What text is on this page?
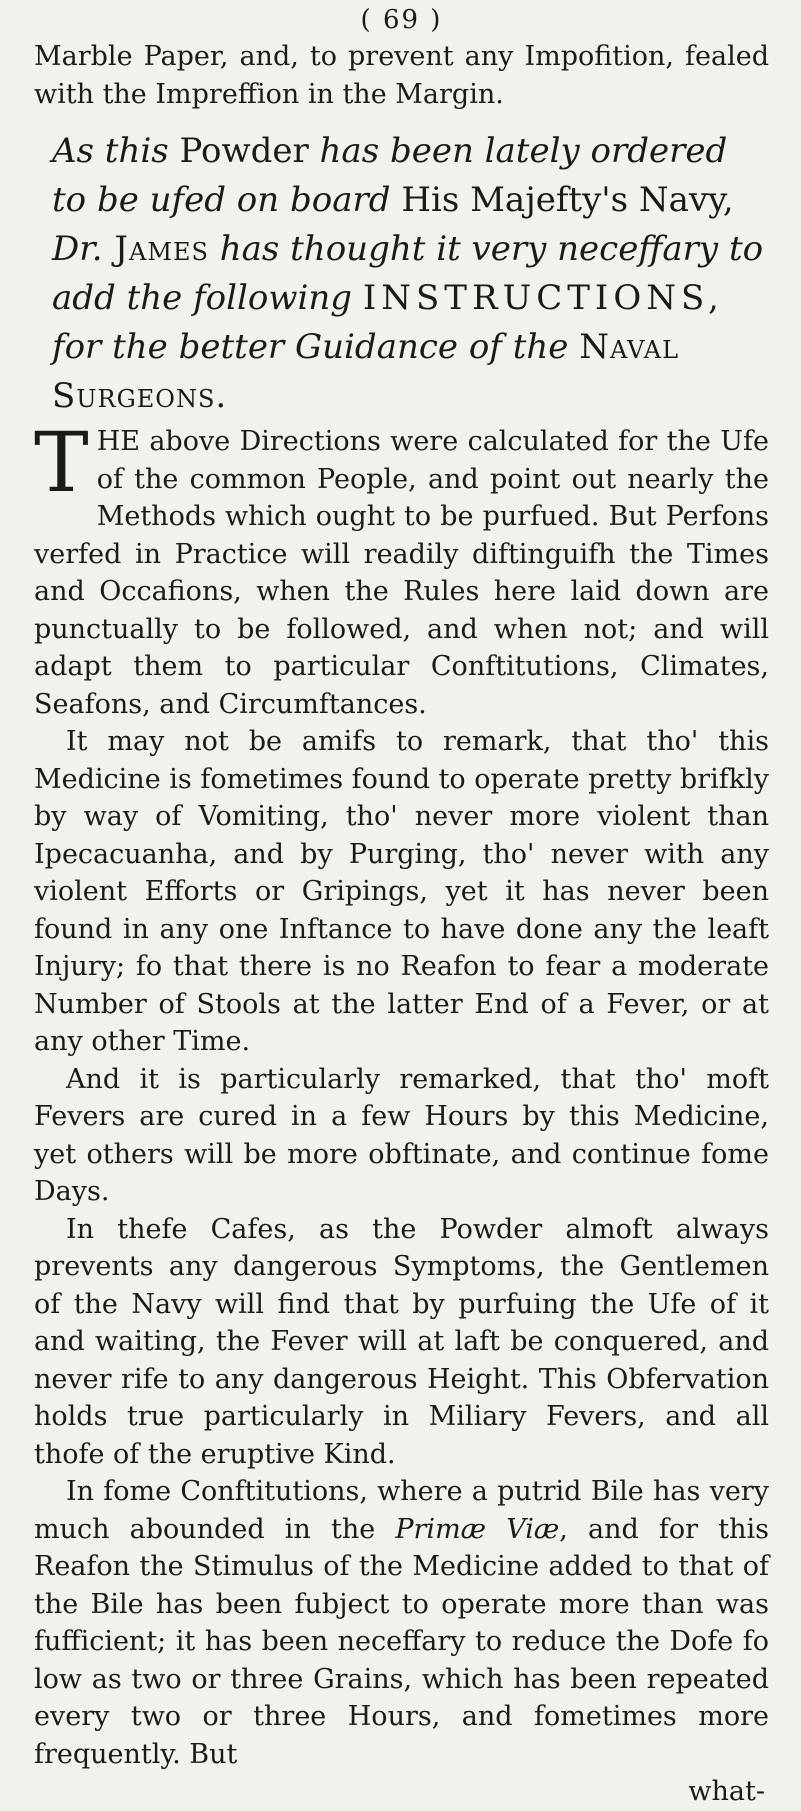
( 69 )

Marble Paper, and, to prevent any Impofition, fealed with the Impreffion in the Margin.

As this Powder has been lately ordered to be ufed on board His Majefty's Navy, Dr. James has thought it very neceffary to add the following INSTRUCTIONS, for the better Guidance of the Naval Surgeons.
T HE above Directions were calculated for the Ufe of the common People, and point out nearly the Methods which ought to be purfued. But Perfons verfed in Practice will readily diftinguifh the Times and Occafions, when the Rules here laid down are punctually to be followed, and when not; and will adapt them to particular Conftitutions, Climates, Seafons, and Circumftances.

It may not be amifs to remark, that tho' this Medicine is fometimes found to operate pretty brifkly by way of Vomiting, tho' never more violent than Ipecacuanha, and by Purging, tho' never with any violent Efforts or Gripings, yet it has never been found in any one Inftance to have done any the leaft Injury; fo that there is no Reafon to fear a moderate Number of Stools at the latter End of a Fever, or at any other Time.

And it is particularly remarked, that tho' moft Fevers are cured in a few Hours by this Medicine, yet others will be more obftinate, and continue fome Days.

In thefe Cafes, as the Powder almoft always prevents any dangerous Symptoms, the Gentlemen of the Navy will find that by purfuing the Ufe of it and waiting, the Fever will at laft be conquered, and never rife to any dangerous Height. This Obfervation holds true particularly in Miliary Fevers, and all thofe of the eruptive Kind.

In fome Conftitutions, where a putrid Bile has very much abounded in the Primæ Viæ, and for this Reafon the Stimulus of the Medicine added to that of the Bile has been fubject to operate more than was fufficient; it has been neceffary to reduce the Dofe fo low as two or three Grains, which has been repeated every two or three Hours, and fometimes more frequently. But

what-
